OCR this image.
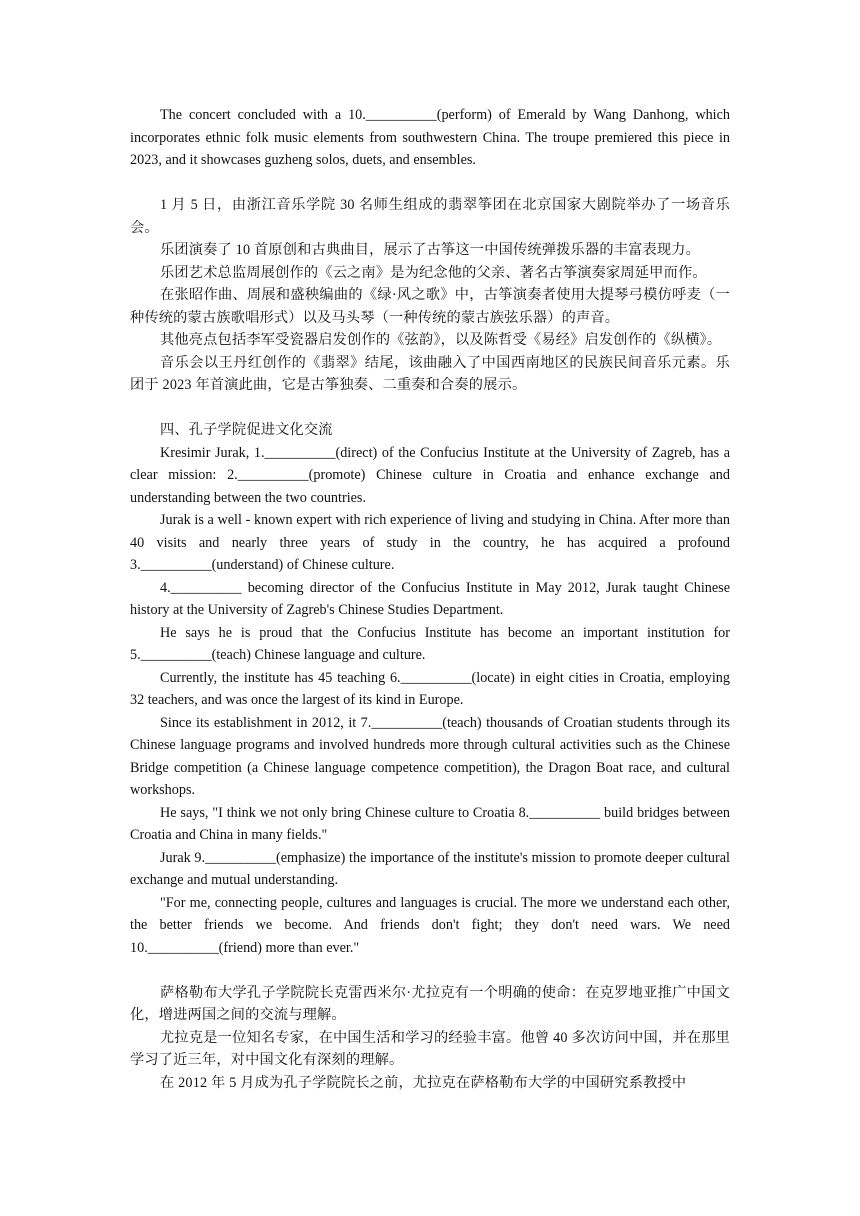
The concert concluded with a 10.__________(perform) of Emerald by Wang Danhong, which incorporates ethnic folk music elements from southwestern China. The troupe premiered this piece in 2023, and it showcases guzheng solos, duets, and ensembles.

1 月 5 日，由浙江音乐学院 30 名师生组成的翡翠筝团在北京国家大剧院举办了一场音乐会。

乐团演奏了 10 首原创和古典曲目，展示了古筝这一中国传统弹拨乐器的丰富表现力。

乐团艺术总监周展创作的《云之南》是为纪念他的父亲、著名古筝演奏家周延甲而作。

在张昭作曲、周展和盛秧编曲的《绿·风之歌》中，古筝演奏者使用大提琴弓模仿呼麦（一种传统的蒙古族歌唱形式）以及马头琴（一种传统的蒙古族弦乐器）的声音。

其他亮点包括李军受瓷器启发创作的《弦韵》，以及陈哲受《易经》启发创作的《纵横》。

音乐会以王丹红创作的《翡翠》结尾，该曲融入了中国西南地区的民族民间音乐元素。乐团于 2023 年首演此曲，它是古筝独奏、二重奏和合奏的展示。

四、孔子学院促进文化交流

Kresimir Jurak, 1.__________(direct) of the Confucius Institute at the University of Zagreb, has a clear mission: 2.__________(promote) Chinese culture in Croatia and enhance exchange and understanding between the two countries.

Jurak is a well - known expert with rich experience of living and studying in China. After more than 40 visits and nearly three years of study in the country, he has acquired a profound 3.__________(understand) of Chinese culture.

4.__________ becoming director of the Confucius Institute in May 2012, Jurak taught Chinese history at the University of Zagreb's Chinese Studies Department.

He says he is proud that the Confucius Institute has become an important institution for 5.__________(teach) Chinese language and culture.

Currently, the institute has 45 teaching 6.__________(locate) in eight cities in Croatia, employing 32 teachers, and was once the largest of its kind in Europe.

Since its establishment in 2012, it 7.__________(teach) thousands of Croatian students through its Chinese language programs and involved hundreds more through cultural activities such as the Chinese Bridge competition (a Chinese language competence competition), the Dragon Boat race, and cultural workshops.

He says, "I think we not only bring Chinese culture to Croatia 8.__________ build bridges between Croatia and China in many fields."

Jurak 9.__________(emphasize) the importance of the institute's mission to promote deeper cultural exchange and mutual understanding.

"For me, connecting people, cultures and languages is crucial. The more we understand each other, the better friends we become. And friends don't fight; they don't need wars. We need 10.__________(friend) more than ever."

萨格勒布大学孔子学院院长克雷西米尔·尤拉克有一个明确的使命：在克罗地亚推广中国文化，增进两国之间的交流与理解。

尤拉克是一位知名专家，在中国生活和学习的经验丰富。他曾 40 多次访问中国，并在那里学习了近三年，对中国文化有深刻的理解。

在 2012 年 5 月成为孔子学院院长之前，尤拉克在萨格勒布大学的中国研究系教授中
